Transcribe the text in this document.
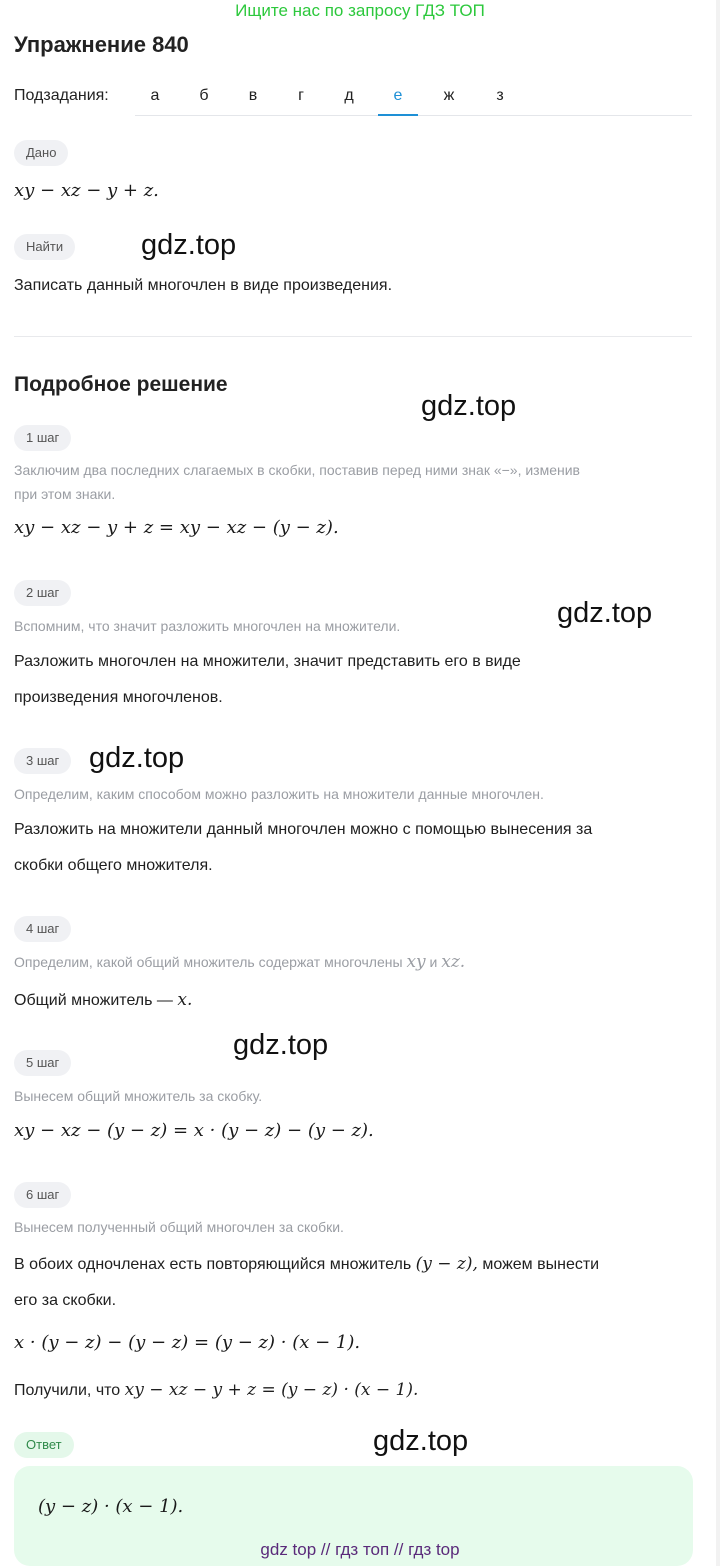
Ищите нас по запросу ГДЗ ТОП
Упражнение 840
Подзадания:	а	б	в	г	д	е	ж	з
Дано
xy − xz − y + z.
Найти	gdz.top
Записать данный многочлен в виде произведения.
Подробное решение
gdz.top
1 шаг
Заключим два последних слагаемых в скобки, поставив перед ними знак «−», изменив
при этом знаки.
xy − xz − y + z = xy − xz − (y − z).
2 шаг
gdz.top
Вспомним, что значит разложить многочлен на множители.
Разложить многочлен на множители, значит представить его в виде
произведения многочленов.
3 шаг	gdz.top
Определим, каким способом можно разложить на множители данные многочлен.
Разложить на множители данный многочлен можно с помощью вынесения за
скобки общего множителя.
4 шаг
Определим, какой общий множитель содержат многочлены xy и xz.
Общий множитель — x.
5 шаг
gdz.top
Вынесем общий множитель за скобку.
xy − xz − (y − z) = x · (y − z) − (y − z).
6 шаг
Вынесем полученный общий многочлен за скобки.
В обоих одночленах есть повторяющийся множитель (y − z), можем вынести
его за скобки.
x · (y − z) − (y − z) = (y − z) · (x − 1).
Получили, что xy − xz − y + z = (y − z) · (x − 1).
Ответ	gdz.top
(y − z) · (x − 1).
gdz top // гдз топ // гдз top
